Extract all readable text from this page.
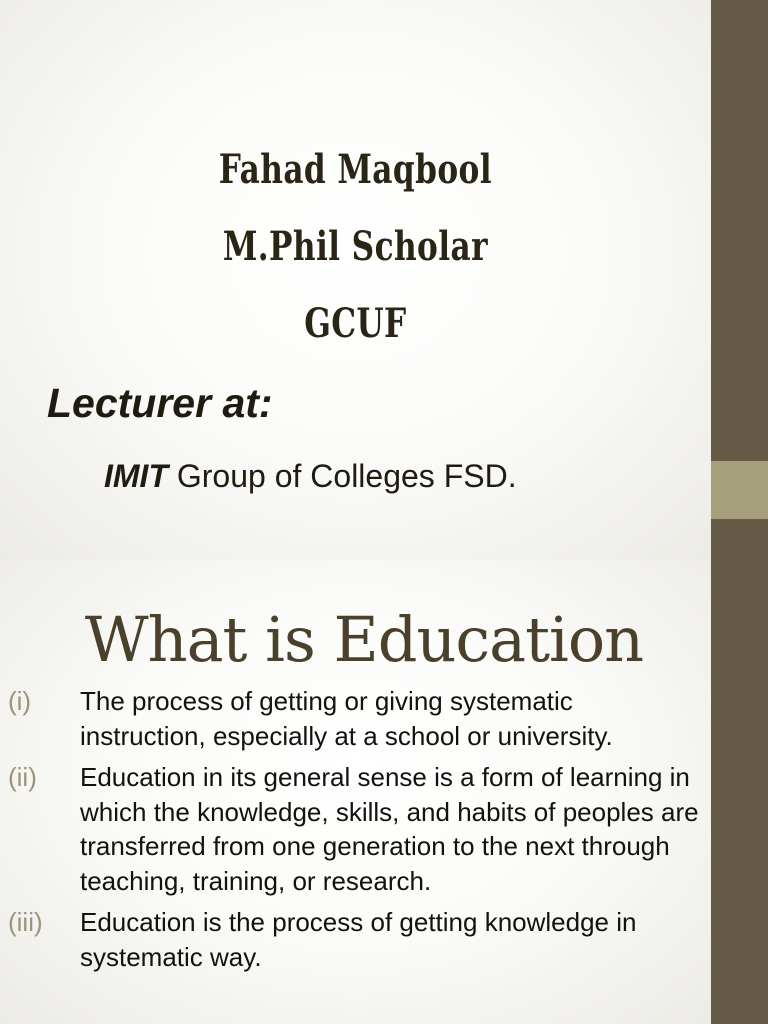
Fahad Maqbool
M.Phil Scholar
GCUF
Lecturer at:
IMIT Group of Colleges FSD.
What is Education
(i) The process of getting or giving systematic instruction, especially at a school or university.
(ii) Education in its general sense is a form of learning in which the knowledge, skills, and habits of peoples are transferred from one generation to the next through teaching, training, or research.
(iii) Education is the process of getting knowledge in systematic way.
